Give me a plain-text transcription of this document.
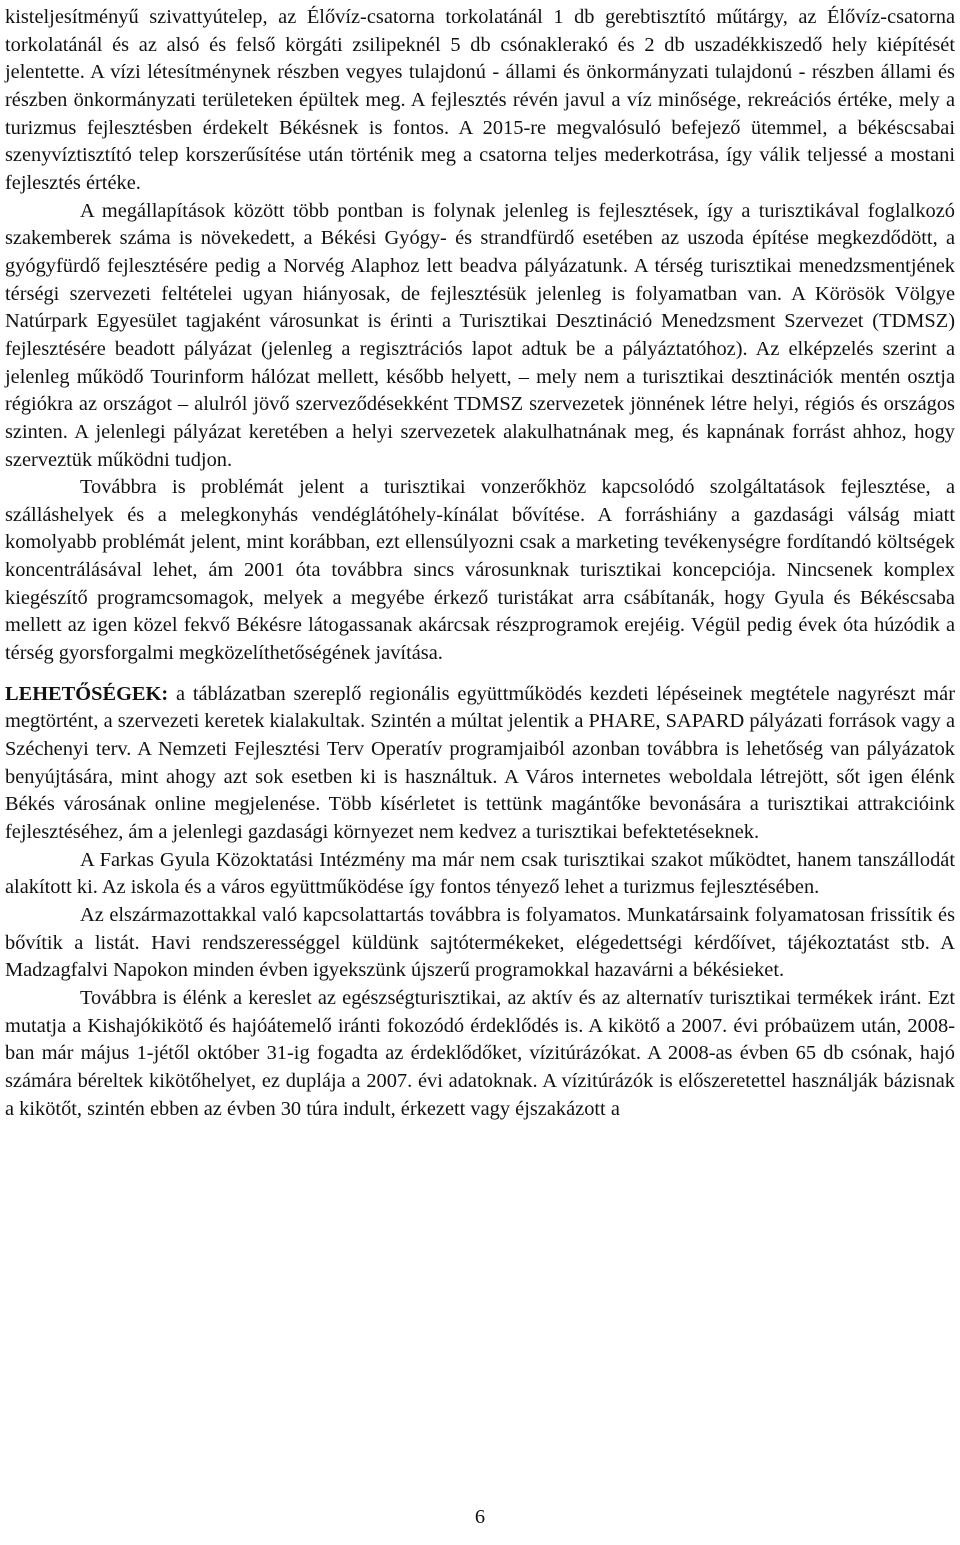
kisteljesítményű szivattyútelep, az Élővíz-csatorna torkolatánál 1 db gerebtisztító műtárgy, az Élővíz-csatorna torkolatánál és az alsó és felső körgáti zsilipeknél 5 db csónaklerakó és 2 db uszadékkiszedő hely kiépítését jelentette. A vízi létesítménynek részben vegyes tulajdonú - állami és önkormányzati tulajdonú - részben állami és részben önkormányzati területeken épültek meg. A fejlesztés révén javul a víz minősége, rekreációs értéke, mely a turizmus fejlesztésben érdekelt Békésnek is fontos. A 2015-re megvalósuló befejező ütemmel, a békéscsabai szenyvíztisztító telep korszerűsítése után történik meg a csatorna teljes mederkotrása, így válik teljessé a mostani fejlesztés értéke.

A megállapítások között több pontban is folynak jelenleg is fejlesztések, így a turisztikával foglalkozó szakemberek száma is növekedett, a Békési Gyógy- és strandfürdő esetében az uszoda építése megkezdődött, a gyógyfürdő fejlesztésére pedig a Norvég Alaphoz lett beadva pályázatunk. A térség turisztikai menedzsmentjének térségi szervezeti feltételei ugyan hiányosak, de fejlesztésük jelenleg is folyamatban van. A Körösök Völgye Natúrpark Egyesület tagjaként városunkat is érinti a Turisztikai Desztináció Menedzsment Szervezet (TDMSZ) fejlesztésére beadott pályázat (jelenleg a regisztrációs lapot adtuk be a pályáztatóhoz). Az elképzelés szerint a jelenleg működő Tourinform hálózat mellett, később helyett, – mely nem a turisztikai desztinációk mentén osztja régiókra az országot – alulról jövő szerveződésekként TDMSZ szervezetek jönnének létre helyi, régiós és országos szinten. A jelenlegi pályázat keretében a helyi szervezetek alakulhatnának meg, és kapnának forrást ahhoz, hogy szerveztük működni tudjon.

Továbbra is problémát jelent a turisztikai vonzerőkhöz kapcsolódó szolgáltatások fejlesztése, a szálláshelyek és a melegkonyhás vendéglátóhely-kínálat bővítése. A forráshiány a gazdasági válság miatt komolyabb problémát jelent, mint korábban, ezt ellensúlyozni csak a marketing tevékenységre fordítandó költségek koncentrálásával lehet, ám 2001 óta továbbra sincs városunknak turisztikai koncepciója. Nincsenek komplex kiegészítő programcsomagok, melyek a megyébe érkező turistákat arra csábítanák, hogy Gyula és Békéscsaba mellett az igen közel fekvő Békésre látogassanak akárcsak részprogramok erejéig. Végül pedig évek óta húzódik a térség gyorsforgalmi megközelíthetőségének javítása.

LEHETŐSÉGEK: a táblázatban szereplő regionális együttműködés kezdeti lépéseinek megtétele nagyrészt már megtörtént, a szervezeti keretek kialakultak. Szintén a múltat jelentik a PHARE, SAPARD pályázati források vagy a Széchenyi terv. A Nemzeti Fejlesztési Terv Operatív programjaiból azonban továbbra is lehetőség van pályázatok benyújtására, mint ahogy azt sok esetben ki is használtuk. A Város internetes weboldala létrejött, sőt igen élénk Békés városának online megjelenése. Több kísérletet is tettünk magántőke bevonására a turisztikai attrakcióink fejlesztéséhez, ám a jelenlegi gazdasági környezet nem kedvez a turisztikai befektetéseknek.

A Farkas Gyula Közoktatási Intézmény ma már nem csak turisztikai szakot működtet, hanem tanszállodát alakított ki. Az iskola és a város együttműködése így fontos tényező lehet a turizmus fejlesztésében.

Az elszármazottakkal való kapcsolattartás továbbra is folyamatos. Munkatársaink folyamatosan frissítik és bővítik a listát. Havi rendszerességgel küldünk sajtótermékeket, elégedettségi kérdőívet, tájékoztatást stb. A Madzagfalvi Napokon minden évben igyekszünk újszerű programokkal hazavárni a békésieket.

Továbbra is élénk a kereslet az egészségturisztikai, az aktív és az alternatív turisztikai termékek iránt. Ezt mutatja a Kishajókikötő és hajóátemelő iránti fokozódó érdeklődés is. A kikötő a 2007. évi próbaüzem után, 2008-ban már május 1-jétől október 31-ig fogadta az érdeklődőket, vízitúrázókat. A 2008-as évben 65 db csónak, hajó számára béreltek kikötőhelyet, ez duplája a 2007. évi adatoknak. A vízitúrázók is előszeretettel használják bázisnak a kikötőt, szintén ebben az évben 30 túra indult, érkezett vagy éjszakázott a

6
